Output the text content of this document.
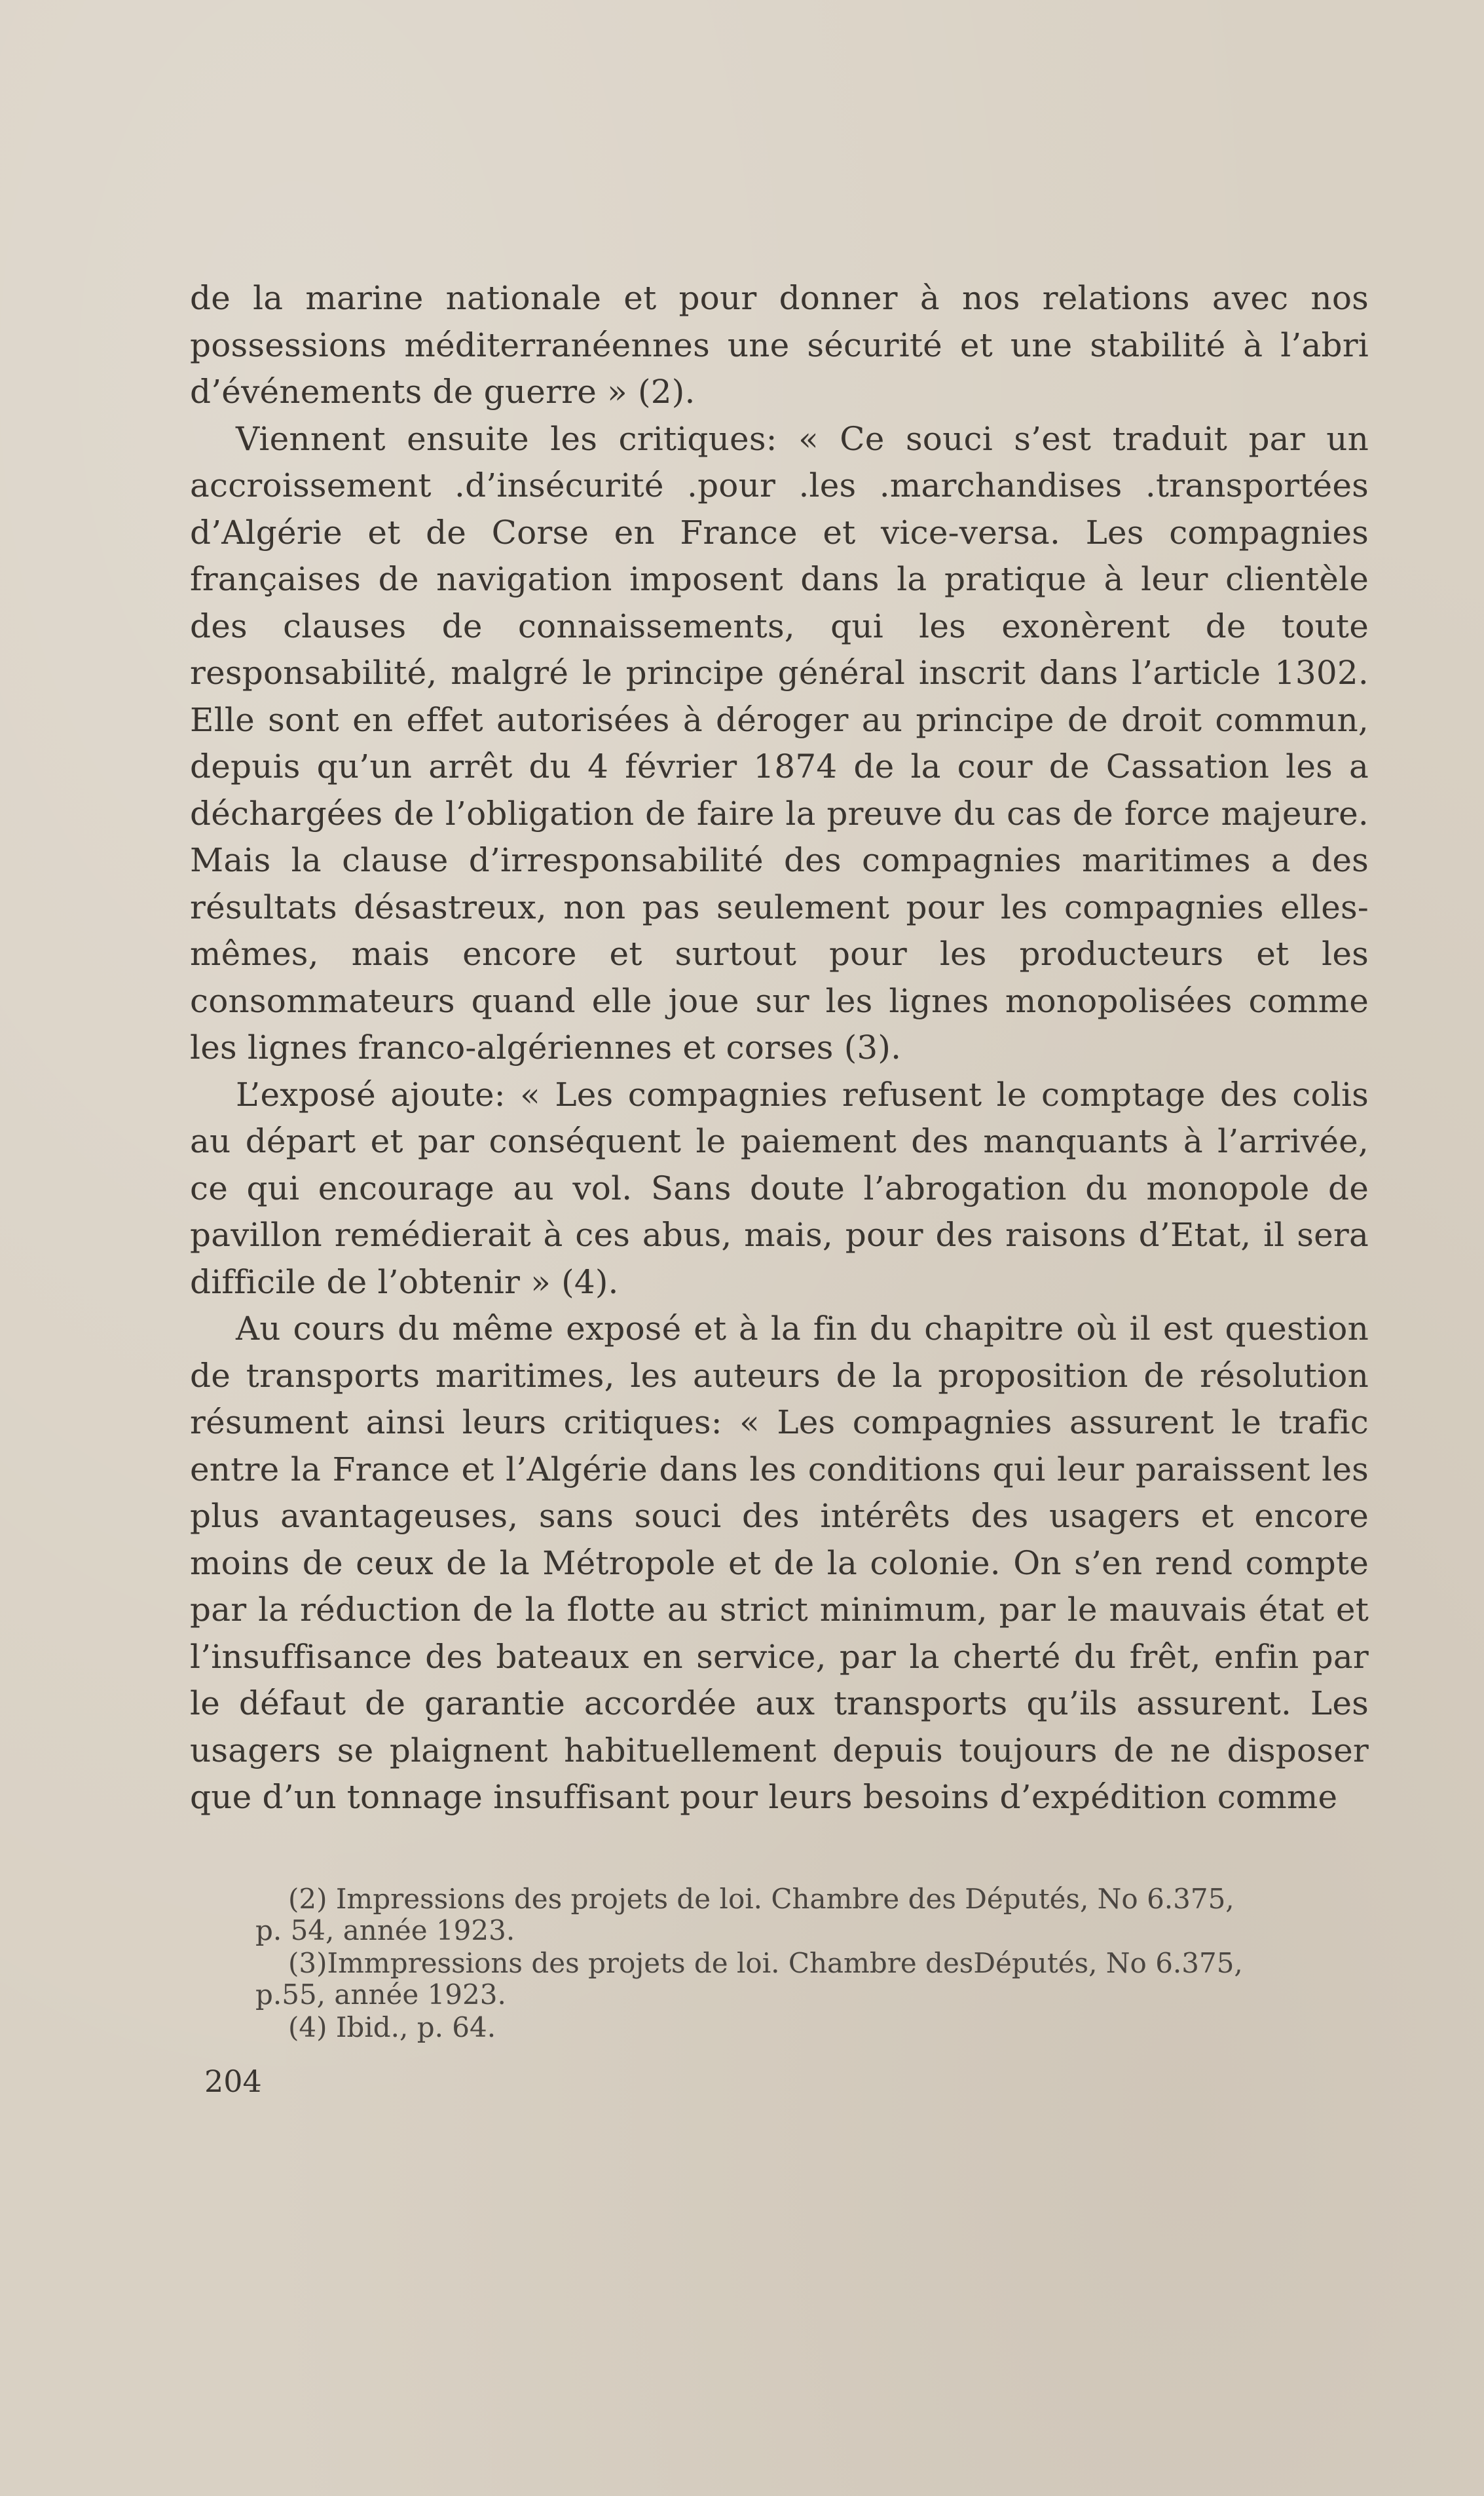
de la marine nationale et pour donner à nos relations avec nos possessions méditerranéennes une sécurité et une stabilité à l’abri d’événements de guerre » (2).

Viennent ensuite les critiques: « Ce souci s’est traduit par un accroissement .d’insécurité .pour .les .marchandises .transportées d’Algérie et de Corse en France et vice-versa. Les compagnies françaises de navigation imposent dans la pratique à leur clientèle des clauses de connaissements, qui les exonèrent de toute responsabilité, malgré le principe général inscrit dans l’article 1302. Elle sont en effet autorisées à déroger au principe de droit commun, depuis qu’un arrêt du 4 février 1874 de la cour de Cassation les a déchargées de l’obligation de faire la preuve du cas de force majeure. Mais la clause d’irresponsabilité des compagnies maritimes a des résultats désastreux, non pas seulement pour les compagnies elles-mêmes, mais encore et surtout pour les producteurs et les consommateurs quand elle joue sur les lignes monopolisées comme les lignes franco-algériennes et corses (3).

L’exposé ajoute: « Les compagnies refusent le comptage des colis au départ et par conséquent le paiement des manquants à l’arrivée, ce qui encourage au vol. Sans doute l’abrogation du monopole de pavillon remédierait à ces abus, mais, pour des raisons d’Etat, il sera difficile de l’obtenir » (4).

Au cours du même exposé et à la fin du chapitre où il est question de transports maritimes, les auteurs de la proposition de résolution résument ainsi leurs critiques: « Les compagnies assurent le trafic entre la France et l’Algérie dans les conditions qui leur paraissent les plus avantageuses, sans souci des intérêts des usagers et encore moins de ceux de la Métropole et de la colonie. On s’en rend compte par la réduction de la flotte au strict minimum, par le mauvais état et l’insuffisance des bateaux en service, par la cherté du frêt, enfin par le défaut de garantie accordée aux transports qu’ils assurent. Les usagers se plaignent habituellement depuis toujours de ne disposer que d’un tonnage insuffisant pour leurs besoins d’expédition comme

(2) Impressions des projets de loi. Chambre des Députés, No 6.375,
p. 54, année 1923.
(3)Immpressions des projets de loi. Chambre desDéputés, No 6.375,
p.55, année 1923.
(4) Ibid., p. 64.
204
